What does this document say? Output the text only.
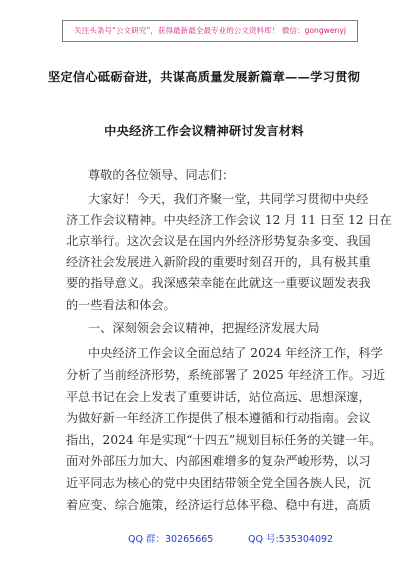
关注头条号“公文研究”，获得最新最全最专业的公文资料库！ 微信：gongwenyj
坚定信心砥砺奋进，共谋高质量发展新篇章——学习贯彻
中央经济工作会议精神研讨发言材料
尊敬的各位领导、同志们：
大家好！今天，我们齐聚一堂，共同学习贯彻中央经
济工作会议精神。中央经济工作会议 12 月 11 日至 12 日在
北京举行。这次会议是在国内外经济形势复杂多变、我国
经济社会发展进入新阶段的重要时刻召开的，具有极其重
要的指导意义。我深感荣幸能在此就这一重要议题发表我
的一些看法和体会。
一、深刻领会会议精神，把握经济发展大局
中央经济工作会议全面总结了 2024 年经济工作，科学
分析了当前经济形势，系统部署了 2025 年经济工作。习近
平总书记在会上发表了重要讲话，站位高远、思想深邃，
为做好新一年经济工作提供了根本遵循和行动指南。会议
指出，2024 年是实现“十四五”规划目标任务的关键一年。
面对外部压力加大、内部困难增多的复杂严峻形势，以习
近平同志为核心的党中央团结带领全党全国各族人民，沉
着应变、综合施策，经济运行总体平稳、稳中有进，高质
QQ 群：30265665	QQ 号:535304092
